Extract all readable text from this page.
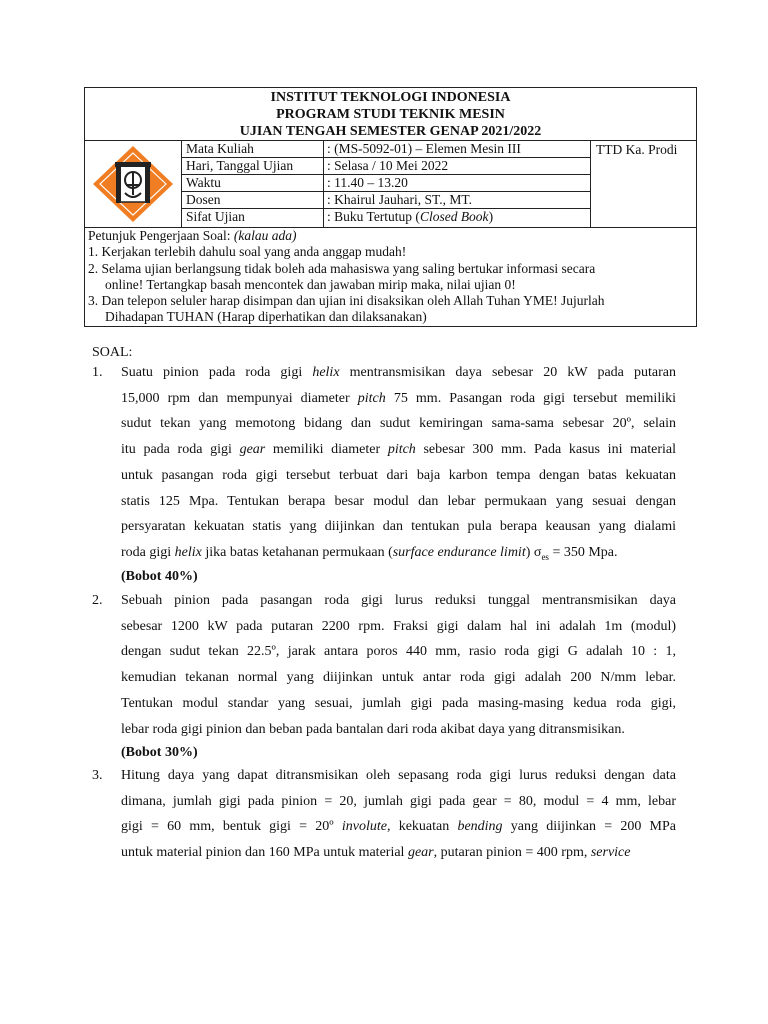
INSTITUT TEKNOLOGI INDONESIA
PROGRAM STUDI TEKNIK MESIN
UJIAN TENGAH SEMESTER GENAP 2021/2022
Mata Kuliah	: (MS-5092-01) – Elemen Mesin III
Hari, Tanggal Ujian	: Selasa / 10 Mei 2022
Waktu	: 11.40 – 13.20
Dosen	: Khairul Jauhari, ST., MT.
Sifat Ujian	: Buku Tertutup (Closed Book)
TTD Ka. Prodi
Petunjuk Pengerjaan Soal: (kalau ada)
1. Kerjakan terlebih dahulu soal yang anda anggap mudah!
2. Selama ujian berlangsung tidak boleh ada mahasiswa yang saling bertukar informasi secara
online! Tertangkap basah mencontek dan jawaban mirip maka, nilai ujian 0!
3. Dan telepon seluler harap disimpan dan ujian ini disaksikan oleh Allah Tuhan YME! Jujurlah
Dihadapan TUHAN (Harap diperhatikan dan dilaksanakan)
SOAL:
1. Suatu pinion pada roda gigi helix mentransmisikan daya sebesar 20 kW pada putaran
15,000 rpm dan mempunyai diameter pitch 75 mm. Pasangan roda gigi tersebut memiliki
sudut tekan yang memotong bidang dan sudut kemiringan sama-sama sebesar 20º, selain
itu pada roda gigi gear memiliki diameter pitch sebesar 300 mm. Pada kasus ini material
untuk pasangan roda gigi tersebut terbuat dari baja karbon tempa dengan batas kekuatan
statis 125 Mpa. Tentukan berapa besar modul dan lebar permukaan yang sesuai dengan
persyaratan kekuatan statis yang diijinkan dan tentukan pula berapa keausan yang dialami
roda gigi helix jika batas ketahanan permukaan (surface endurance limit) $\sigma_{es} = 350$ Mpa.
(Bobot 40%)
2. Sebuah pinion pada pasangan roda gigi lurus reduksi tunggal mentransmisikan daya
sebesar 1200 kW pada putaran 2200 rpm. Fraksi gigi dalam hal ini adalah 1m (modul)
dengan sudut tekan 22.5º, jarak antara poros 440 mm, rasio roda gigi G adalah 10 : 1,
kemudian tekanan normal yang diijinkan untuk antar roda gigi adalah 200 N/mm lebar.
Tentukan modul standar yang sesuai, jumlah gigi pada masing-masing kedua roda gigi,
lebar roda gigi pinion dan beban pada bantalan dari roda akibat daya yang ditransmisikan.
(Bobot 30%)
3. Hitung daya yang dapat ditransmisikan oleh sepasang roda gigi lurus reduksi dengan data
dimana, jumlah gigi pada pinion = 20, jumlah gigi pada gear = 80, modul = 4 mm, lebar
gigi = 60 mm, bentuk gigi = 20º involute, kekuatan bending yang diijinkan = 200 MPa
untuk material pinion dan 160 MPa untuk material gear, putaran pinion = 400 rpm, service
